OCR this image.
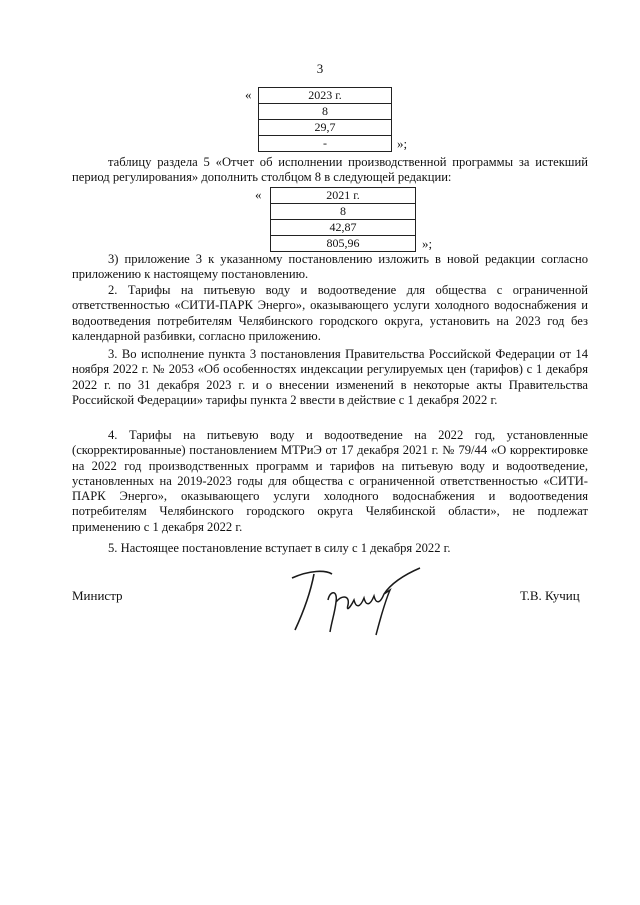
3
«	2023 г.
8
29,7
-	»;

таблицу раздела 5 «Отчет об исполнении производственной программы за истекший период регулирования» дополнить столбцом 8 в следующей редакции:

«	2021 г.
8
42,87
805,96	»;

3) приложение 3 к указанному постановлению изложить в новой редакции согласно приложению к настоящему постановлению.

2. Тарифы на питьевую воду и водоотведение для общества с ограниченной ответственностью «СИТИ-ПАРК Энерго», оказывающего услуги холодного водоснабжения и водоотведения потребителям Челябинского городского округа, установить на 2023 год без календарной разбивки, согласно приложению.

3. Во исполнение пункта 3 постановления Правительства Российской Федерации от 14 ноября 2022 г. № 2053 «Об особенностях индексации регулируемых цен (тарифов) с 1 декабря 2022 г. по 31 декабря 2023 г. и о внесении изменений в некоторые акты Правительства Российской Федерации» тарифы пункта 2 ввести в действие с 1 декабря 2022 г.

4. Тарифы на питьевую воду и водоотведение на 2022 год, установленные (скорректированные) постановлением МТРиЭ от 17 декабря 2021 г. № 79/44 «О корректировке на 2022 год производственных программ и тарифов на питьевую воду и водоотведение, установленных на 2019-2023 годы для общества с ограниченной ответственностью «СИТИ-ПАРК Энерго», оказывающего услуги холодного водоснабжения и водоотведения потребителям Челябинского городского округа Челябинской области», не подлежат применению с 1 декабря 2022 г.

5. Настоящее постановление вступает в силу с 1 декабря 2022 г.

Министр	Т.В. Кучиц
